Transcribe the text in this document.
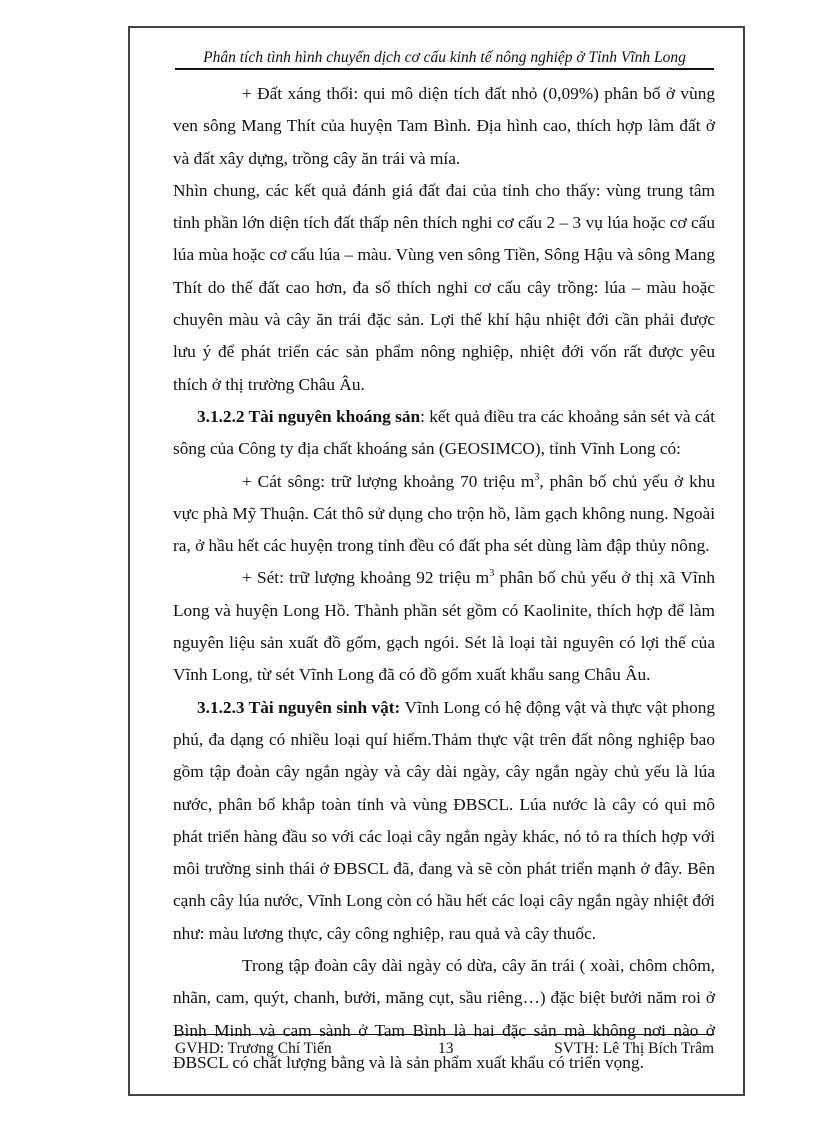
Phân tích tình hình chuyển dịch cơ cấu kinh tế nông nghiệp ở Tỉnh Vĩnh Long

+ Đất xáng thổi: qui mô diện tích đất nhỏ (0,09%) phân bố ở vùng ven sông Mang Thít của huyện Tam Bình. Địa hình cao, thích hợp làm đất ở và đất xây dựng, trồng cây ăn trái và mía.

Nhìn chung, các kết quả đánh giá đất đai của tỉnh cho thấy: vùng trung tâm tỉnh phần lớn diện tích đất thấp nên thích nghi cơ cấu 2 – 3 vụ lúa hoặc cơ cấu lúa mùa hoặc cơ cấu lúa – màu. Vùng ven sông Tiền, Sông Hậu và sông Mang Thít do thế đất cao hơn, đa số thích nghi cơ cấu cây trồng: lúa – màu hoặc chuyên màu và cây ăn trái đặc sản. Lợi thế khí hậu nhiệt đới cần phải được lưu ý để phát triển các sản phẩm nông nghiệp, nhiệt đới vốn rất được yêu thích ở thị trường Châu Âu.

3.1.2.2 Tài nguyên khoáng sản: kết quả điều tra các khoảng sản sét và cát sông của Công ty địa chất khoáng sản (GEOSIMCO), tỉnh Vĩnh Long có:

+ Cát sông: trữ lượng khoảng 70 triệu $m^3$, phân bố chủ yếu ở khu vực phà Mỹ Thuận. Cát thô sử dụng cho trộn hồ, làm gạch không nung. Ngoài ra, ở hầu hết các huyện trong tỉnh đều có đất pha sét dùng làm đập thủy nông.

+ Sét: trữ lượng khoảng 92 triệu $m^3$ phân bố chủ yếu ở thị xã Vĩnh Long và huyện Long Hồ. Thành phần sét gồm có Kaolinite, thích hợp để làm nguyên liệu sản xuất đồ gốm, gạch ngói. Sét là loại tài nguyên có lợi thế của Vĩnh Long, từ sét Vĩnh Long đã có đồ gốm xuất khẩu sang Châu Âu.

3.1.2.3 Tài nguyên sinh vật: Vĩnh Long có hệ động vật và thực vật phong phú, đa dạng có nhiều loại quí hiếm.Thảm thực vật trên đất nông nghiệp bao gồm tập đoàn cây ngắn ngày và cây dài ngày, cây ngắn ngày chủ yếu là lúa nước, phân bố khắp toàn tỉnh và vùng ĐBSCL. Lúa nước là cây có qui mô phát triển hàng đầu so với các loại cây ngắn ngày khác, nó tỏ ra thích hợp với môi trường sinh thái ở ĐBSCL đã, đang và sẽ còn phát triển mạnh ở đây. Bên cạnh cây lúa nước, Vĩnh Long còn có hầu hết các loại cây ngắn ngày nhiệt đới như: màu lương thực, cây công nghiệp, rau quả và cây thuốc.

Trong tập đoàn cây dài ngày có dừa, cây ăn trái ( xoài, chôm chôm, nhãn, cam, quýt, chanh, bưởi, măng cụt, sầu riêng…) đặc biệt bưởi năm roi ở Bình Minh và cam sành ở Tam Bình là hai đặc sản mà không nơi nào ở ĐBSCL có chất lượng bằng và là sản phẩm xuất khẩu có triển vọng.

GVHD: Trương Chí Tiến	13	SVTH: Lê Thị Bích Trâm
